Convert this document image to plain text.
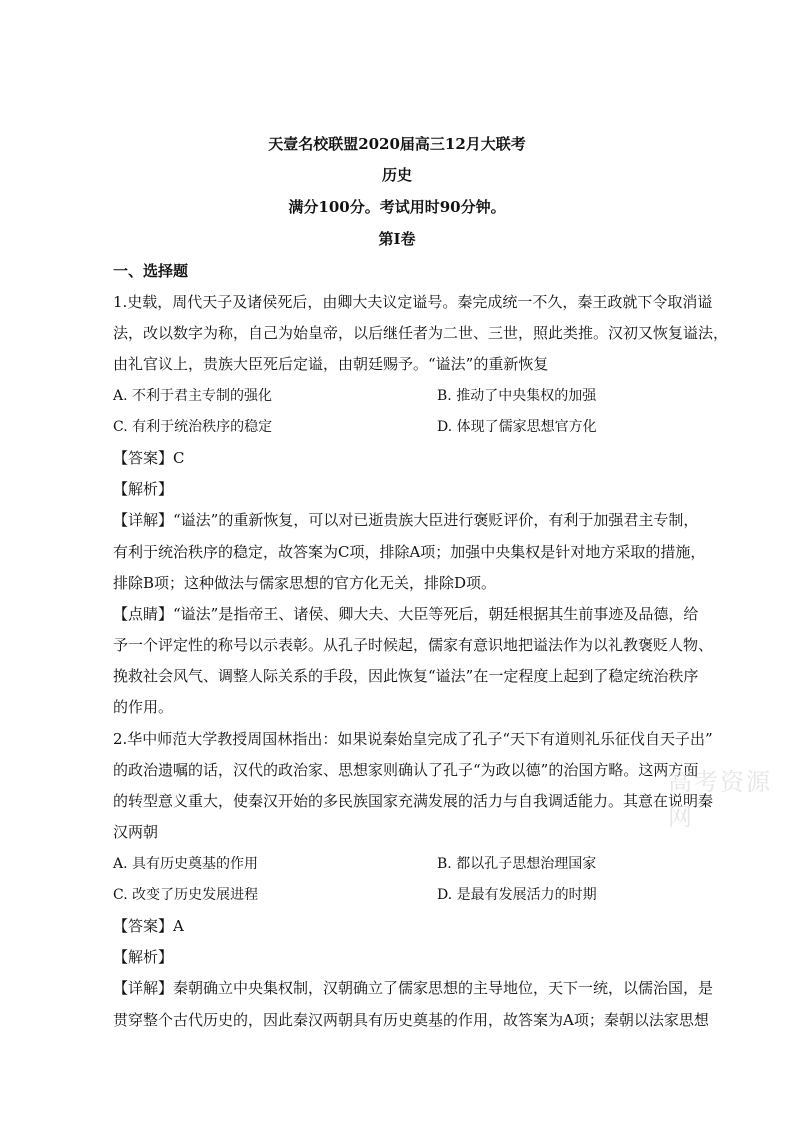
天壹名校联盟2020届高三12月大联考
历史
满分100分。考试用时90分钟。
第Ⅰ卷
一、选择题
1.史载，周代天子及诸侯死后，由卿大夫议定谥号。秦完成统一不久，秦王政就下令取消谥
法，改以数字为称，自己为始皇帝，以后继任者为二世、三世，照此类推。汉初又恢复谥法，
由礼官议上，贵族大臣死后定谥，由朝廷赐予。“谥法”的重新恢复
A. 不利于君主专制的强化	B. 推动了中央集权的加强
C. 有利于统治秩序的稳定	D. 体现了儒家思想官方化
【答案】C
【解析】
【详解】“谥法”的重新恢复，可以对已逝贵族大臣进行褒贬评价，有利于加强君主专制，
有利于统治秩序的稳定，故答案为C项，排除A项；加强中央集权是针对地方采取的措施，
排除B项；这种做法与儒家思想的官方化无关，排除D项。
【点睛】“谥法”是指帝王、诸侯、卿大夫、大臣等死后，朝廷根据其生前事迹及品德，给
予一个评定性的称号以示表彰。从孔子时候起，儒家有意识地把谥法作为以礼教褒贬人物、
挽救社会风气、调整人际关系的手段，因此恢复“谥法”在一定程度上起到了稳定统治秩序
的作用。
2.华中师范大学教授周国林指出：如果说秦始皇完成了孔子“天下有道则礼乐征伐自天子出”
的政治遗嘱的话，汉代的政治家、思想家则确认了孔子“为政以德”的治国方略。这两方面
的转型意义重大，使秦汉开始的多民族国家充满发展的活力与自我调适能力。其意在说明秦
汉两朝
A. 具有历史奠基的作用	B. 都以孔子思想治理国家
C. 改变了历史发展进程	D. 是最有发展活力的时期
【答案】A
【解析】
【详解】秦朝确立中央集权制，汉朝确立了儒家思想的主导地位，天下一统，以儒治国，是
贯穿整个古代历史的，因此秦汉两朝具有历史奠基的作用，故答案为A项；秦朝以法家思想
高考资源网
